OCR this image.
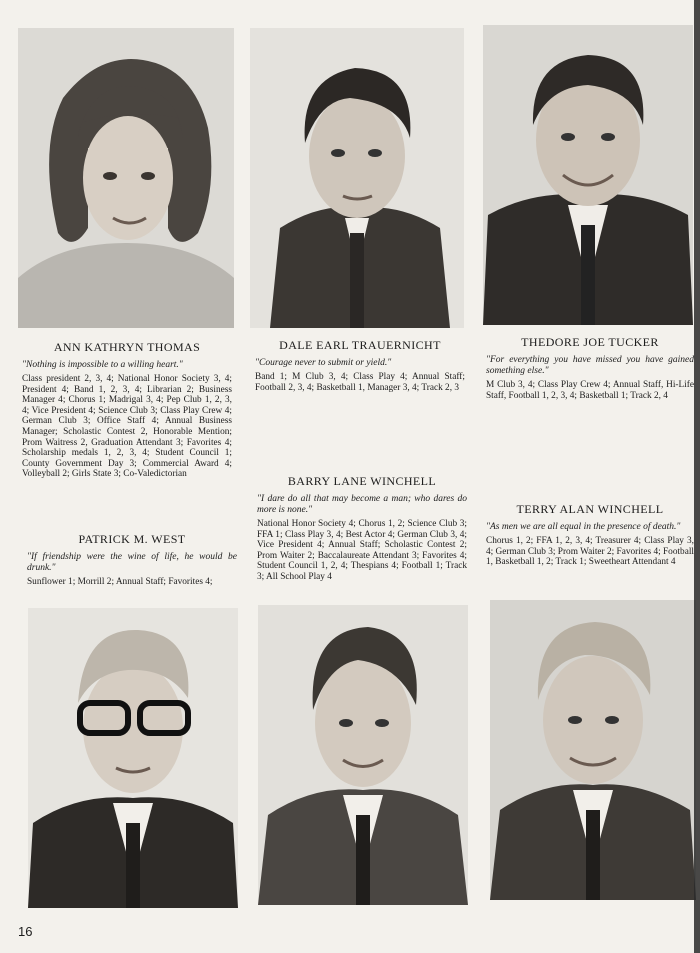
ANN KATHRYN THOMAS

"Nothing is impossible to a willing heart."

Class president 2, 3, 4; National Honor Society 3, 4; President 4; Band 1, 2, 3, 4; Librarian 2; Business Manager 4; Chorus 1; Madrigal 3, 4; Pep Club 1, 2, 3, 4; Vice President 4; Science Club 3; Class Play Crew 4; German Club 3; Office Staff 4; Annual Business Manager; Scholastic Contest 2, Honorable Mention; Prom Waitress 2, Graduation Attendant 3; Favorites 4; Scholarship medals 1, 2, 3, 4; Student Council 1; County Government Day 3; Commercial Award 4; Volleyball 2; Girls State 3; Co-Valedictorian

DALE EARL TRAUERNICHT

"Courage never to submit or yield."

Band 1; M Club 3, 4; Class Play 4; Annual Staff; Football 2, 3, 4; Basketball 1, Manager 3, 4; Track 2, 3

THEDORE JOE TUCKER

"For everything you have missed you have gained something else."

M Club 3, 4; Class Play Crew 4; Annual Staff, Hi-Life Staff, Football 1, 2, 3, 4; Basketball 1; Track 2, 4

PATRICK M. WEST

"If friendship were the wine of life, he would be drunk."

Sunflower 1; Morrill 2; Annual Staff; Favorites 4;

BARRY LANE WINCHELL

"I dare do all that may become a man; who dares do more is none."

National Honor Society 4; Chorus 1, 2; Science Club 3; FFA 1; Class Play 3, 4; Best Actor 4; German Club 3, 4; Vice President 4; Annual Staff; Scholastic Contest 2; Prom Waiter 2; Baccalaureate Attendant 3; Favorites 4; Student Council 1, 2, 4; Thespians 4; Football 1; Track 3; All School Play 4

TERRY ALAN WINCHELL

"As men we are all equal in the presence of death."

Chorus 1, 2; FFA 1, 2, 3, 4; Treasurer 4; Class Play 3, 4; German Club 3; Prom Waiter 2; Favorites 4; Football 1, Basketball 1, 2; Track 1; Sweetheart Attendant 4

16
